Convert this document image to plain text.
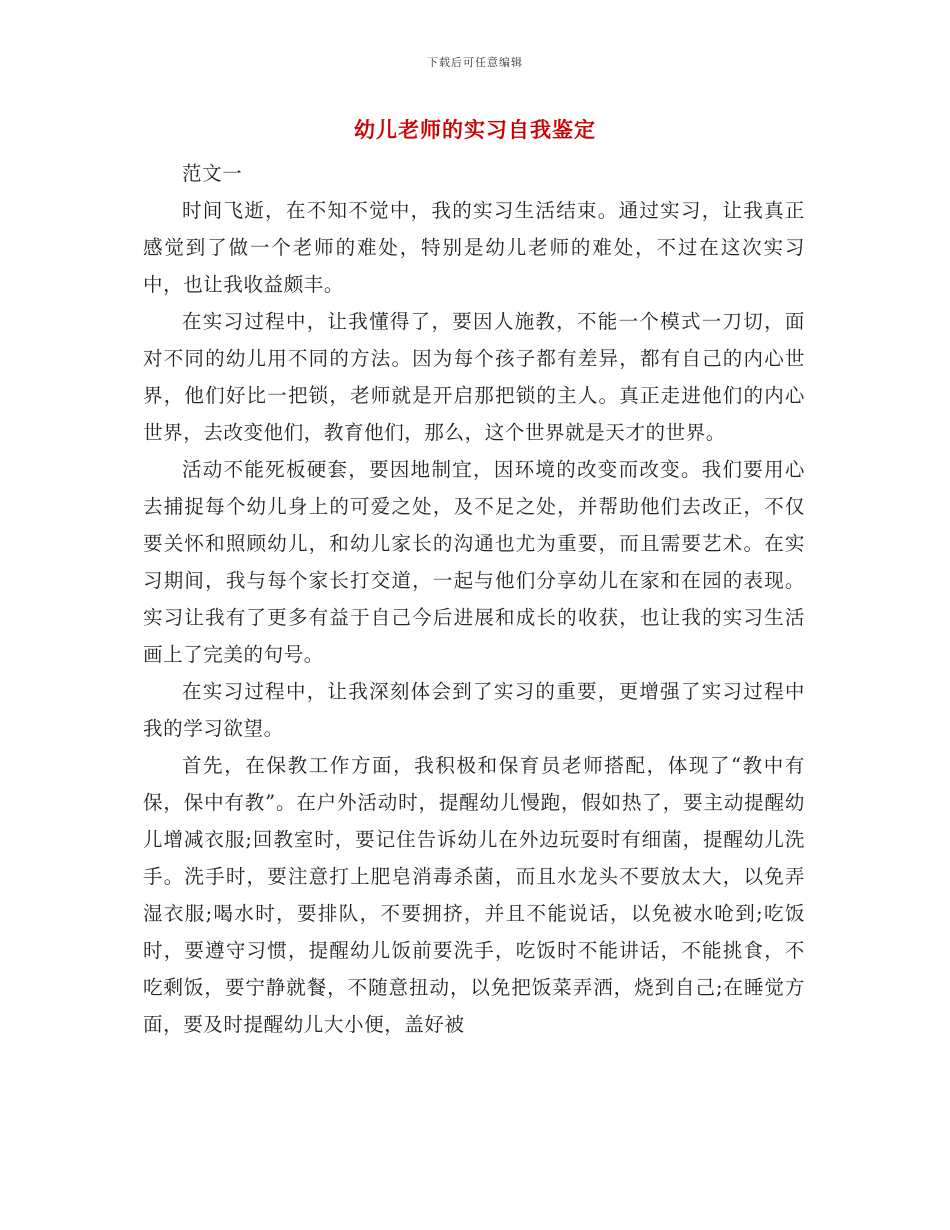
下载后可任意编辑
幼儿老师的实习自我鉴定

范文一

时间飞逝，在不知不觉中，我的实习生活结束。通过实习，让我真正感觉到了做一个老师的难处，特别是幼儿老师的难处，不过在这次实习中，也让我收益颇丰。

在实习过程中，让我懂得了，要因人施教，不能一个模式一刀切，面对不同的幼儿用不同的方法。因为每个孩子都有差异，都有自己的内心世界，他们好比一把锁，老师就是开启那把锁的主人。真正走进他们的内心世界，去改变他们，教育他们，那么，这个世界就是天才的世界。

活动不能死板硬套，要因地制宜，因环境的改变而改变。我们要用心去捕捉每个幼儿身上的可爱之处，及不足之处，并帮助他们去改正，不仅要关怀和照顾幼儿，和幼儿家长的沟通也尤为重要，而且需要艺术。在实习期间，我与每个家长打交道，一起与他们分享幼儿在家和在园的表现。实习让我有了更多有益于自己今后进展和成长的收获，也让我的实习生活画上了完美的句号。

在实习过程中，让我深刻体会到了实习的重要，更增强了实习过程中我的学习欲望。

首先，在保教工作方面，我积极和保育员老师搭配，体现了“教中有保，保中有教”。在户外活动时，提醒幼儿慢跑，假如热了，要主动提醒幼儿增减衣服;回教室时，要记住告诉幼儿在外边玩耍时有细菌，提醒幼儿洗手。洗手时，要注意打上肥皂消毒杀菌，而且水龙头不要放太大，以免弄湿衣服;喝水时，要排队，不要拥挤，并且不能说话，以免被水呛到;吃饭时，要遵守习惯，提醒幼儿饭前要洗手，吃饭时不能讲话，不能挑食，不吃剩饭，要宁静就餐，不随意扭动，以免把饭菜弄洒，烧到自己;在睡觉方面，要及时提醒幼儿大小便，盖好被
